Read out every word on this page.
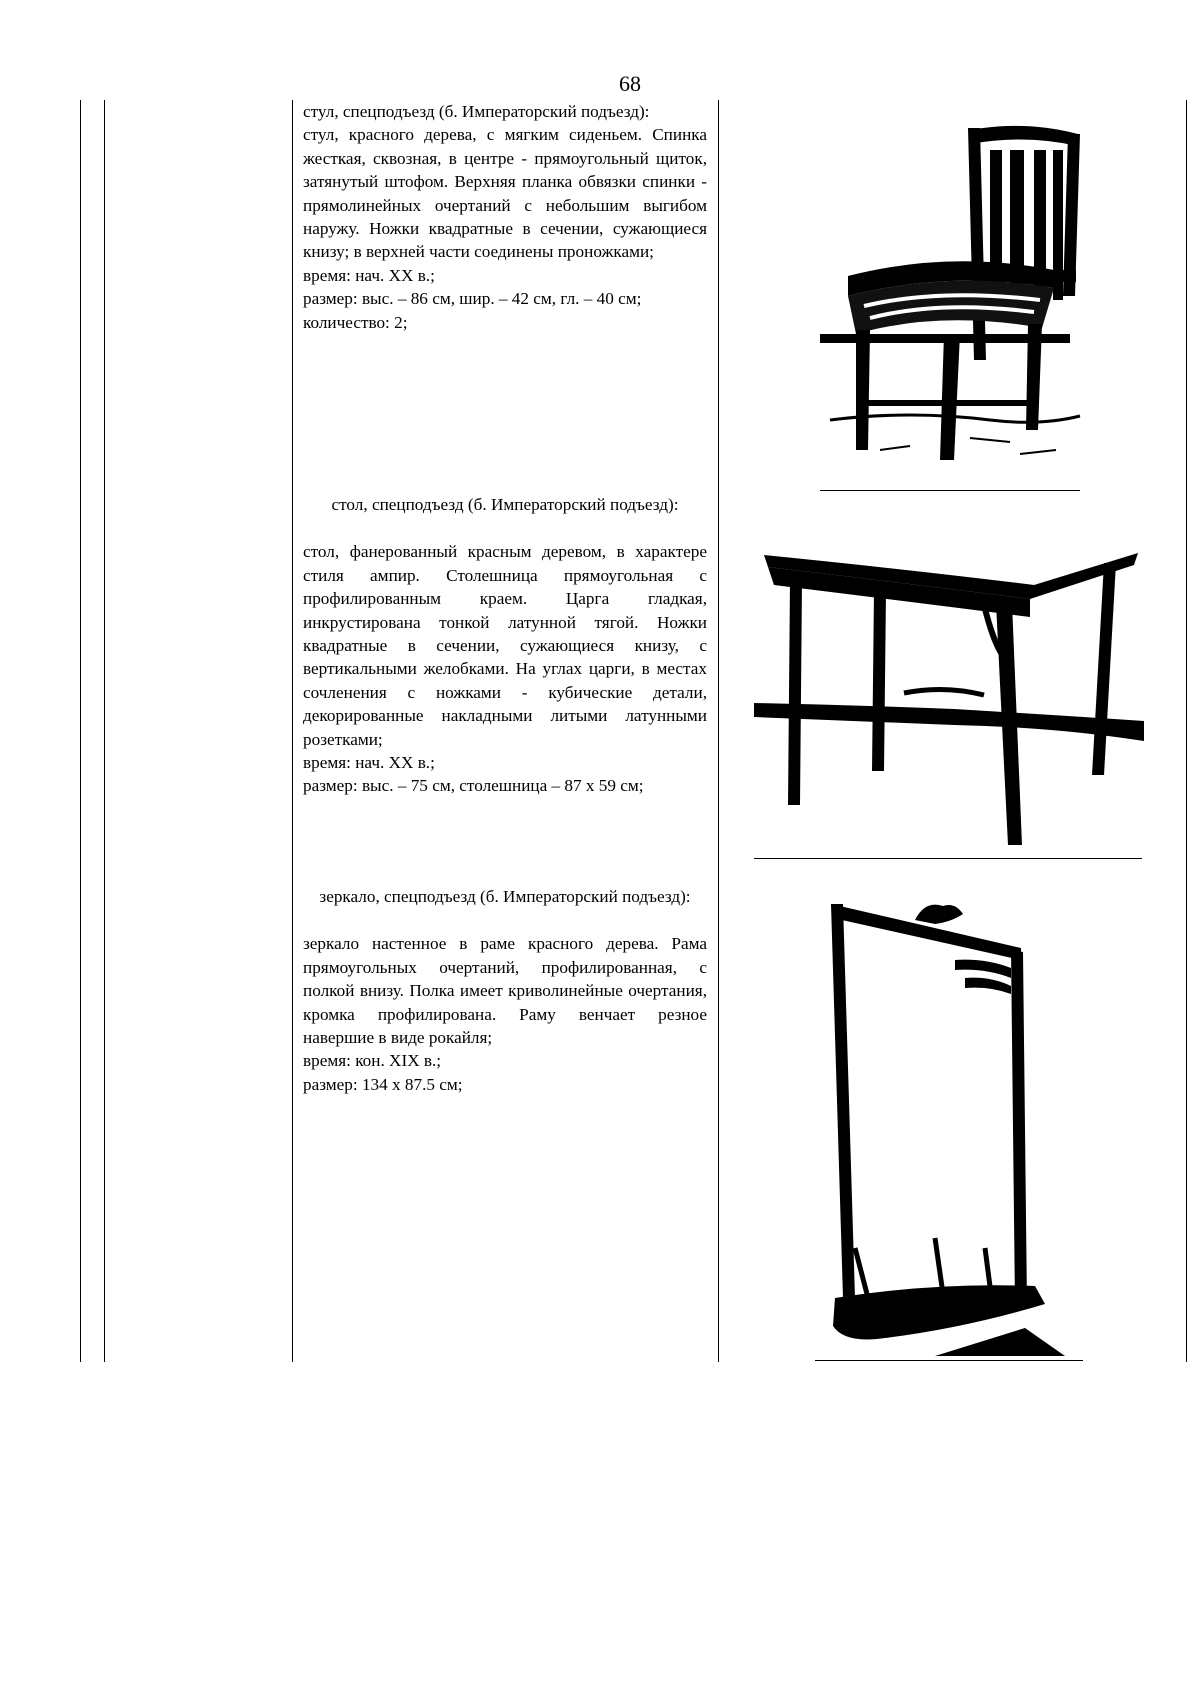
68

стул, спецподъезд (б. Императорский подъезд):

стул, красного дерева, с мягким сиденьем. Спинка жесткая, сквозная, в центре - прямоугольный щиток, затянутый штофом. Верхняя планка обвязки спинки - прямолинейных очертаний с небольшим выгибом наружу. Ножки квадратные в сечении, сужающиеся книзу; в верхней части соединены проножками;

время: нач. XX в.;

размер: выс. – 86 см, шир. – 42 см, гл. – 40 см;

количество: 2;

стол, спецподъезд (б. Императорский подъезд):

стол, фанерованный красным деревом, в характере стиля ампир. Столешница прямоугольная с профилированным краем. Царга гладкая, инкрустирована тонкой латунной тягой. Ножки квадратные в сечении, сужающиеся книзу, с вертикальными желобками. На углах царги, в местах сочленения с ножками - кубические детали, декорированные накладными литыми латунными розетками;

время: нач. XX в.;

размер: выс. – 75 см, столешница – 87 х 59 см;

зеркало, спецподъезд (б. Императорский подъезд):

зеркало настенное в раме красного дерева. Рама прямоугольных очертаний, профилированная, с полкой внизу. Полка имеет криволинейные очертания, кромка профилирована. Раму венчает резное навершие в виде рокайля;

время: кон. XIX в.;

размер: 134 х 87.5 см;
